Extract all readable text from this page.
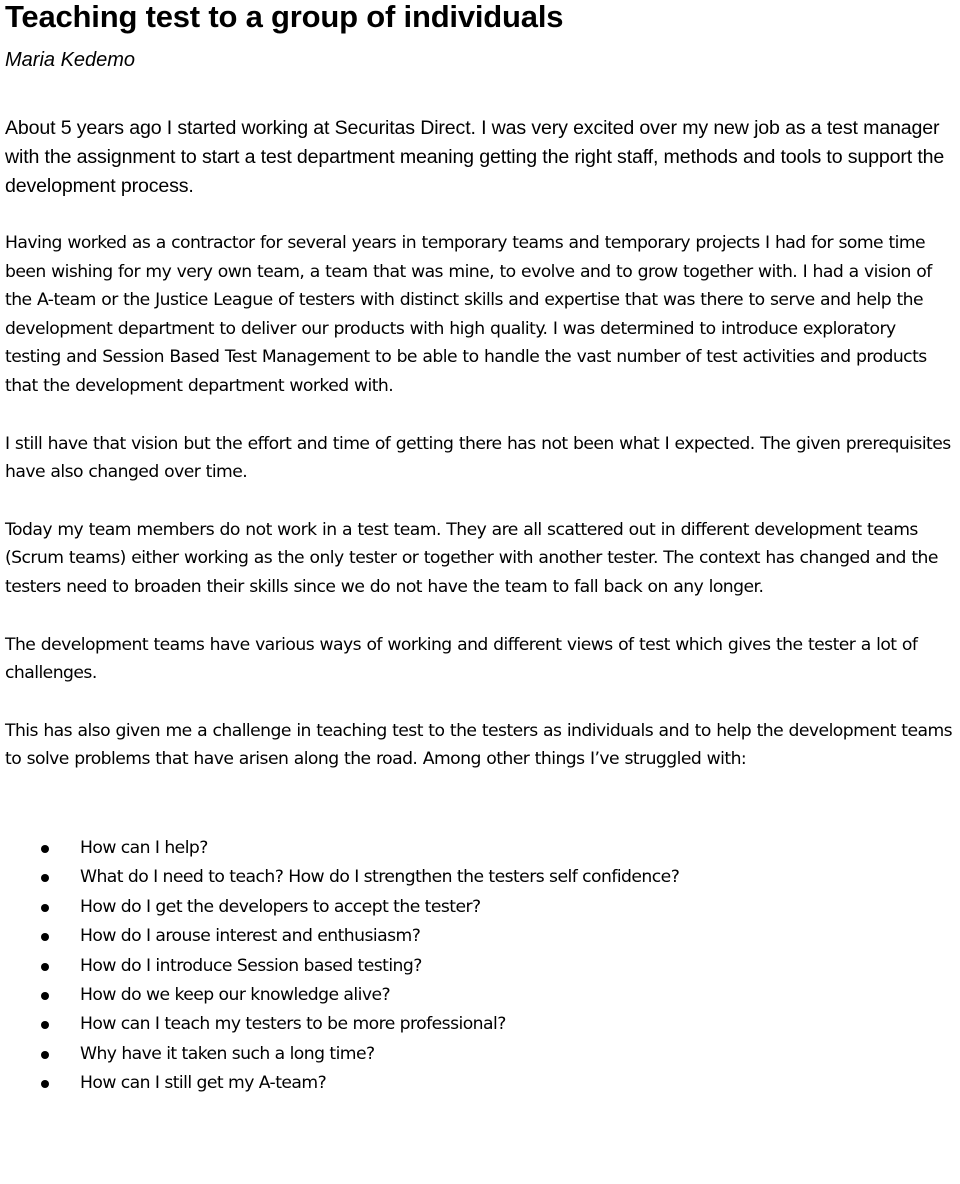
Teaching test to a group of individuals

Maria Kedemo

About 5 years ago I started working at Securitas Direct. I was very excited over my new job as a test manager with the assignment to start a test department meaning getting the right staff, methods and tools to support the development process.

Having worked as a contractor for several years in temporary teams and temporary projects I had for some time been wishing for my very own team, a team that was mine, to evolve and to grow together with. I had a vision of the A-team or the Justice League of testers with distinct skills and expertise that was there to serve and help the development department to deliver our products with high quality. I was determined to introduce exploratory testing and Session Based Test Management to be able to handle the vast number of test activities and products that the development department worked with.

I still have that vision but the effort and time of getting there has not been what I expected. The given prerequisites have also changed over time.

Today my team members do not work in a test team. They are all scattered out in different development teams (Scrum teams) either working as the only tester or together with another tester. The context has changed and the testers need to broaden their skills since we do not have the team to fall back on any longer.

The development teams have various ways of working and different views of test which gives the tester a lot of challenges.

This has also given me a challenge in teaching test to the testers as individuals and to help the development teams to solve problems that have arisen along the road. Among other things I’ve struggled with:

How can I help?
What do I need to teach? How do I strengthen the testers self confidence?
How do I get the developers to accept the tester?
How do I arouse interest and enthusiasm?
How do I introduce Session based testing?
How do we keep our knowledge alive?
How can I teach my testers to be more professional?
Why have it taken such a long time?
How can I still get my A-team?
